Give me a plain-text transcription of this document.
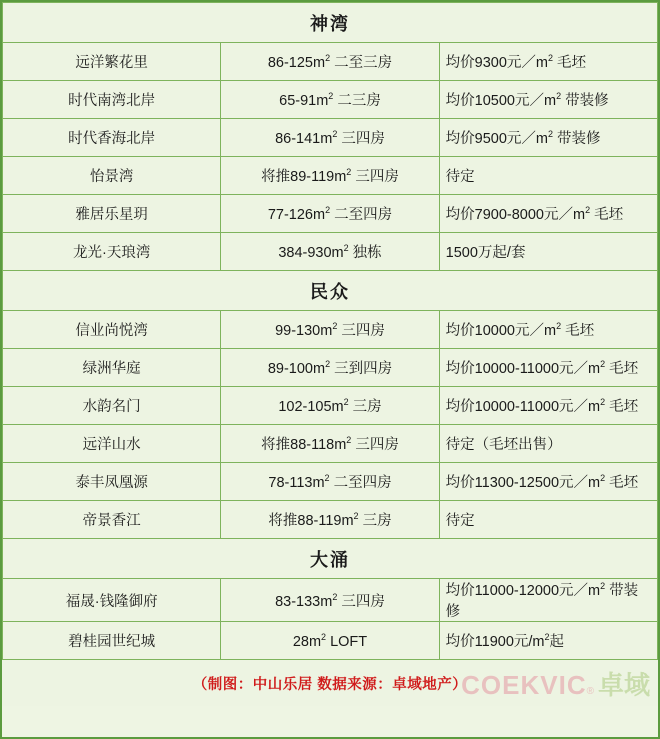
神湾		
远洋繁花里	$86-125m^2$ 二至三房	均价9300元$/m^2$ 毛坯
时代南湾北岸	$65-91m^2$ 二三房	均价10500元$/m^2$ 带装修
时代香海北岸	$86-141m^2$ 三四房	均价9500元$/m^2$ 带装修
怡景湾	将推$89-119m^2$ 三四房	待定
雅居乐星玥	$77-126m^2$ 二至四房	均价7900-8000元$/m^2$ 毛坯
龙光·天琅湾	$384-930m^2$ 独栋	1500万起/套
民众		
信业尚悦湾	$99-130m^2$ 三四房	均价10000元$/m^2$ 毛坯
绿洲华庭	$89-100m^2$ 三到四房	均价10000-11000元$/m^2$ 毛坯
水韵名门	$102-105m^2$ 三房	均价10000-11000元$/m^2$ 毛坯
远洋山水	将推$88-118m^2$ 三四房	待定（毛坯出售）
泰丰凤凰源	$78-113m^2$ 二至四房	均价11300-12500元$/m^2$ 毛坯
帝景香江	将推$88-119m^2$ 三房	待定
大涌		
福晟·钱隆御府	$83-133m^2$ 三四房	均价11000-12000元$/m^2$ 带装修
碧桂园世纪城	$28m^2$ LOFT	均价11900元$/m^2$起
（制图：中山乐居 数据来源：卓域地产）
COEKVIC ® 卓域
